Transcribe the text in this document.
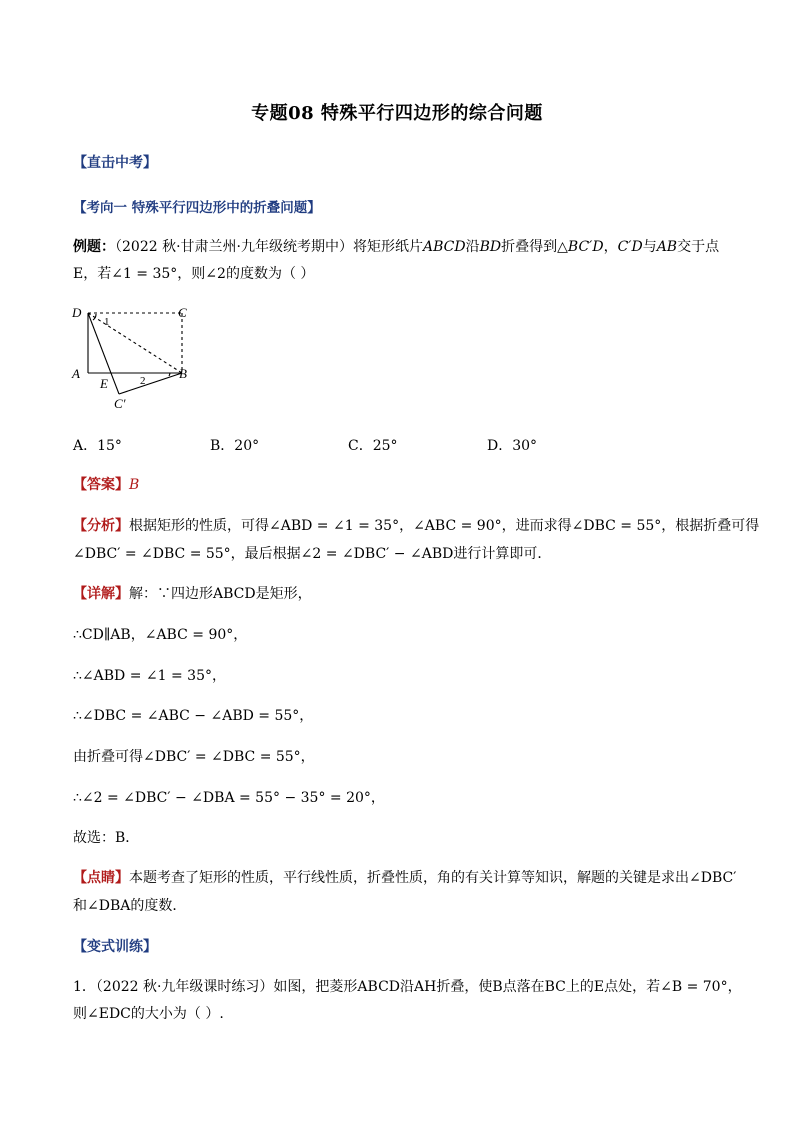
专题08 特殊平行四边形的综合问题
【直击中考】
【考向一 特殊平行四边形中的折叠问题】
例题：（2022 秋·甘肃兰州·九年级统考期中）将矩形纸片ABCD沿BD折叠得到△BC′D，C′D与AB交于点
E，若∠1 = 35°，则∠2的度数为（ ）
D	C
A
E
B
C′
1
2
A．15°	B．20°	C．25°	D．30°
【答案】B
【分析】根据矩形的性质，可得∠ABD = ∠1 = 35°，∠ABC = 90°，进而求得∠DBC = 55°，根据折叠可得
∠DBC′ = ∠DBC = 55°，最后根据∠2 = ∠DBC′ − ∠ABD进行计算即可．
【详解】解：∵四边形ABCD是矩形，
∴CD∥AB，∠ABC = 90°，
∴∠ABD = ∠1 = 35°，
∴∠DBC = ∠ABC − ∠ABD = 55°，
由折叠可得∠DBC′ = ∠DBC = 55°，
∴∠2 = ∠DBC′ − ∠DBA = 55° − 35° = 20°，
故选：B．
【点睛】本题考查了矩形的性质，平行线性质，折叠性质，角的有关计算等知识，解题的关键是求出∠DBC′
和∠DBA的度数．
【变式训练】
1．（2022 秋·九年级课时练习）如图，把菱形ABCD沿AH折叠，使B点落在BC上的E点处，若∠B = 70°，
则∠EDC的大小为（ ）.
